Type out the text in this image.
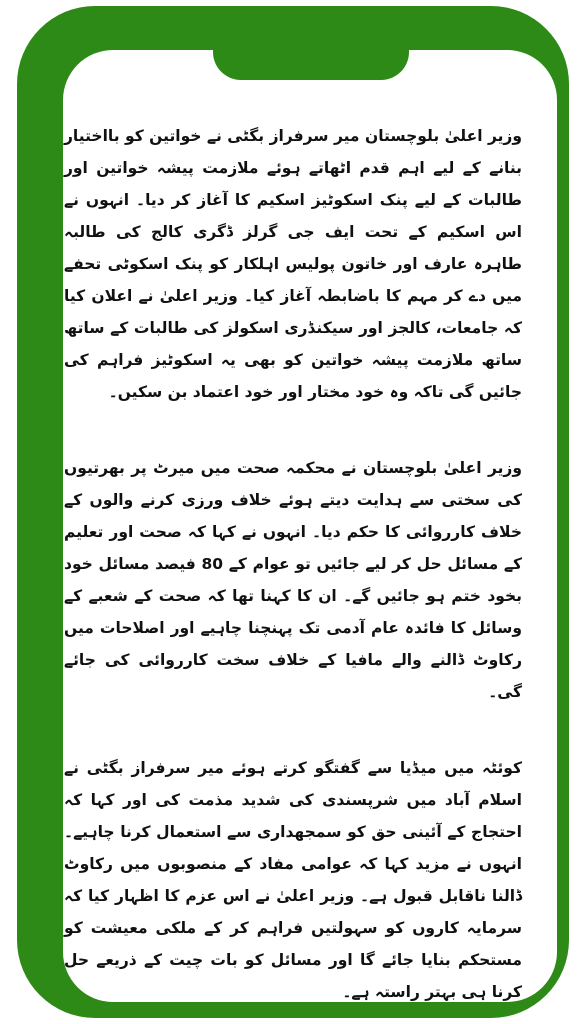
وزیر اعلیٰ بلوچستان میر سرفراز بگٹی نے خواتین کو بااختیار بنانے کے لیے اہم قدم اٹھاتے ہوئے ملازمت پیشہ خواتین اور طالبات کے لیے پنک اسکوٹیز اسکیم کا آغاز کر دیا۔ انہوں نے اس اسکیم کے تحت ایف جی گرلز ڈگری کالج کی طالبہ طاہرہ عارف اور خاتون پولیس اہلکار کو پنک اسکوٹی تحفے میں دے کر مہم کا باضابطہ آغاز کیا۔ وزیر اعلیٰ نے اعلان کیا کہ جامعات، کالجز اور سیکنڈری اسکولز کی طالبات کے ساتھ ساتھ ملازمت پیشہ خواتین کو بھی یہ اسکوٹیز فراہم کی جائیں گی تاکہ وہ خود مختار اور خود اعتماد بن سکیں۔

وزیر اعلیٰ بلوچستان نے محکمہ صحت میں میرٹ پر بھرتیوں کی سختی سے ہدایت دیتے ہوئے خلاف ورزی کرنے والوں کے خلاف کارروائی کا حکم دیا۔ انہوں نے کہا کہ صحت اور تعلیم کے مسائل حل کر لیے جائیں تو عوام کے 80 فیصد مسائل خود بخود ختم ہو جائیں گے۔ ان کا کہنا تھا کہ صحت کے شعبے کے وسائل کا فائدہ عام آدمی تک پہنچنا چاہیے اور اصلاحات میں رکاوٹ ڈالنے والے مافیا کے خلاف سخت کارروائی کی جائے گی۔

کوئٹہ میں میڈیا سے گفتگو کرتے ہوئے میر سرفراز بگٹی نے اسلام آباد میں شرپسندی کی شدید مذمت کی اور کہا کہ احتجاج کے آئینی حق کو سمجھداری سے استعمال کرنا چاہیے۔ انہوں نے مزید کہا کہ عوامی مفاد کے منصوبوں میں رکاوٹ ڈالنا ناقابل قبول ہے۔ وزیر اعلیٰ نے اس عزم کا اظہار کیا کہ سرمایہ کاروں کو سہولتیں فراہم کر کے ملکی معیشت کو مستحکم بنایا جائے گا اور مسائل کو بات چیت کے ذریعے حل کرنا ہی بہتر راستہ ہے۔
